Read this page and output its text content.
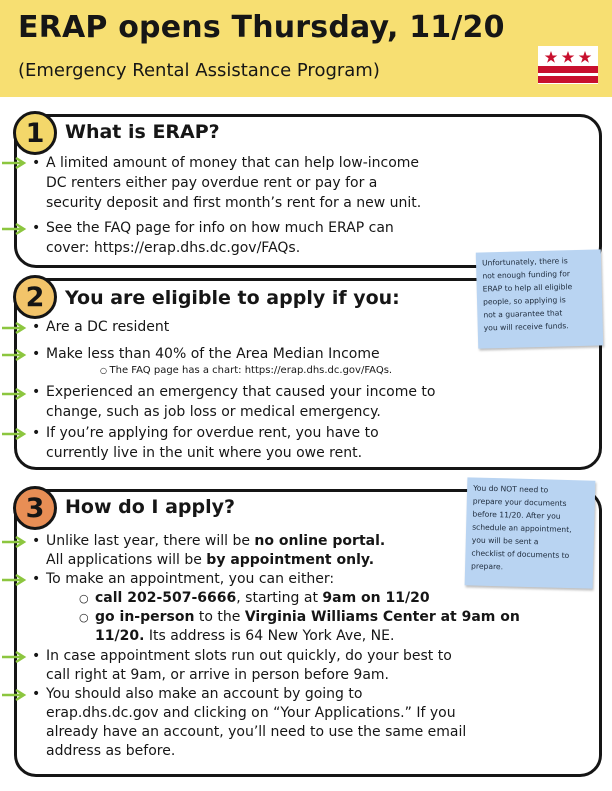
ERAP opens Thursday, 11/20
(Emergency Rental Assistance Program)
1	What is ERAP?
• A limited amount of money that can help low-income
DC renters either pay overdue rent or pay for a
security deposit and first month’s rent for a new unit.
• See the FAQ page for info on how much ERAP can
cover: https://erap.dhs.dc.gov/FAQs.
2	You are eligible to apply if you:
• Are a DC resident
• Make less than 40% of the Area Median Income
○ The FAQ page has a chart: https://erap.dhs.dc.gov/FAQs.
• Experienced an emergency that caused your income to
change, such as job loss or medical emergency.
• If you’re applying for overdue rent, you have to
currently live in the unit where you owe rent.
Unfortunately, there is
not enough funding for
ERAP to help all eligible
people, so applying is
not a guarantee that
you will receive funds.
3	How do I apply?
• Unlike last year, there will be no online portal.
All applications will be by appointment only.
• To make an appointment, you can either:
○ call 202-507-6666, starting at 9am on 11/20
○ go in-person to the Virginia Williams Center at 9am on
11/20. Its address is 64 New York Ave, NE.
• In case appointment slots run out quickly, do your best to
call right at 9am, or arrive in person before 9am.
• You should also make an account by going to
erap.dhs.dc.gov and clicking on “Your Applications.” If you
already have an account, you’ll need to use the same email
address as before.
You do NOT need to
prepare your documents
before 11/20. After you
schedule an appointment,
you will be sent a
checklist of documents to
prepare.
